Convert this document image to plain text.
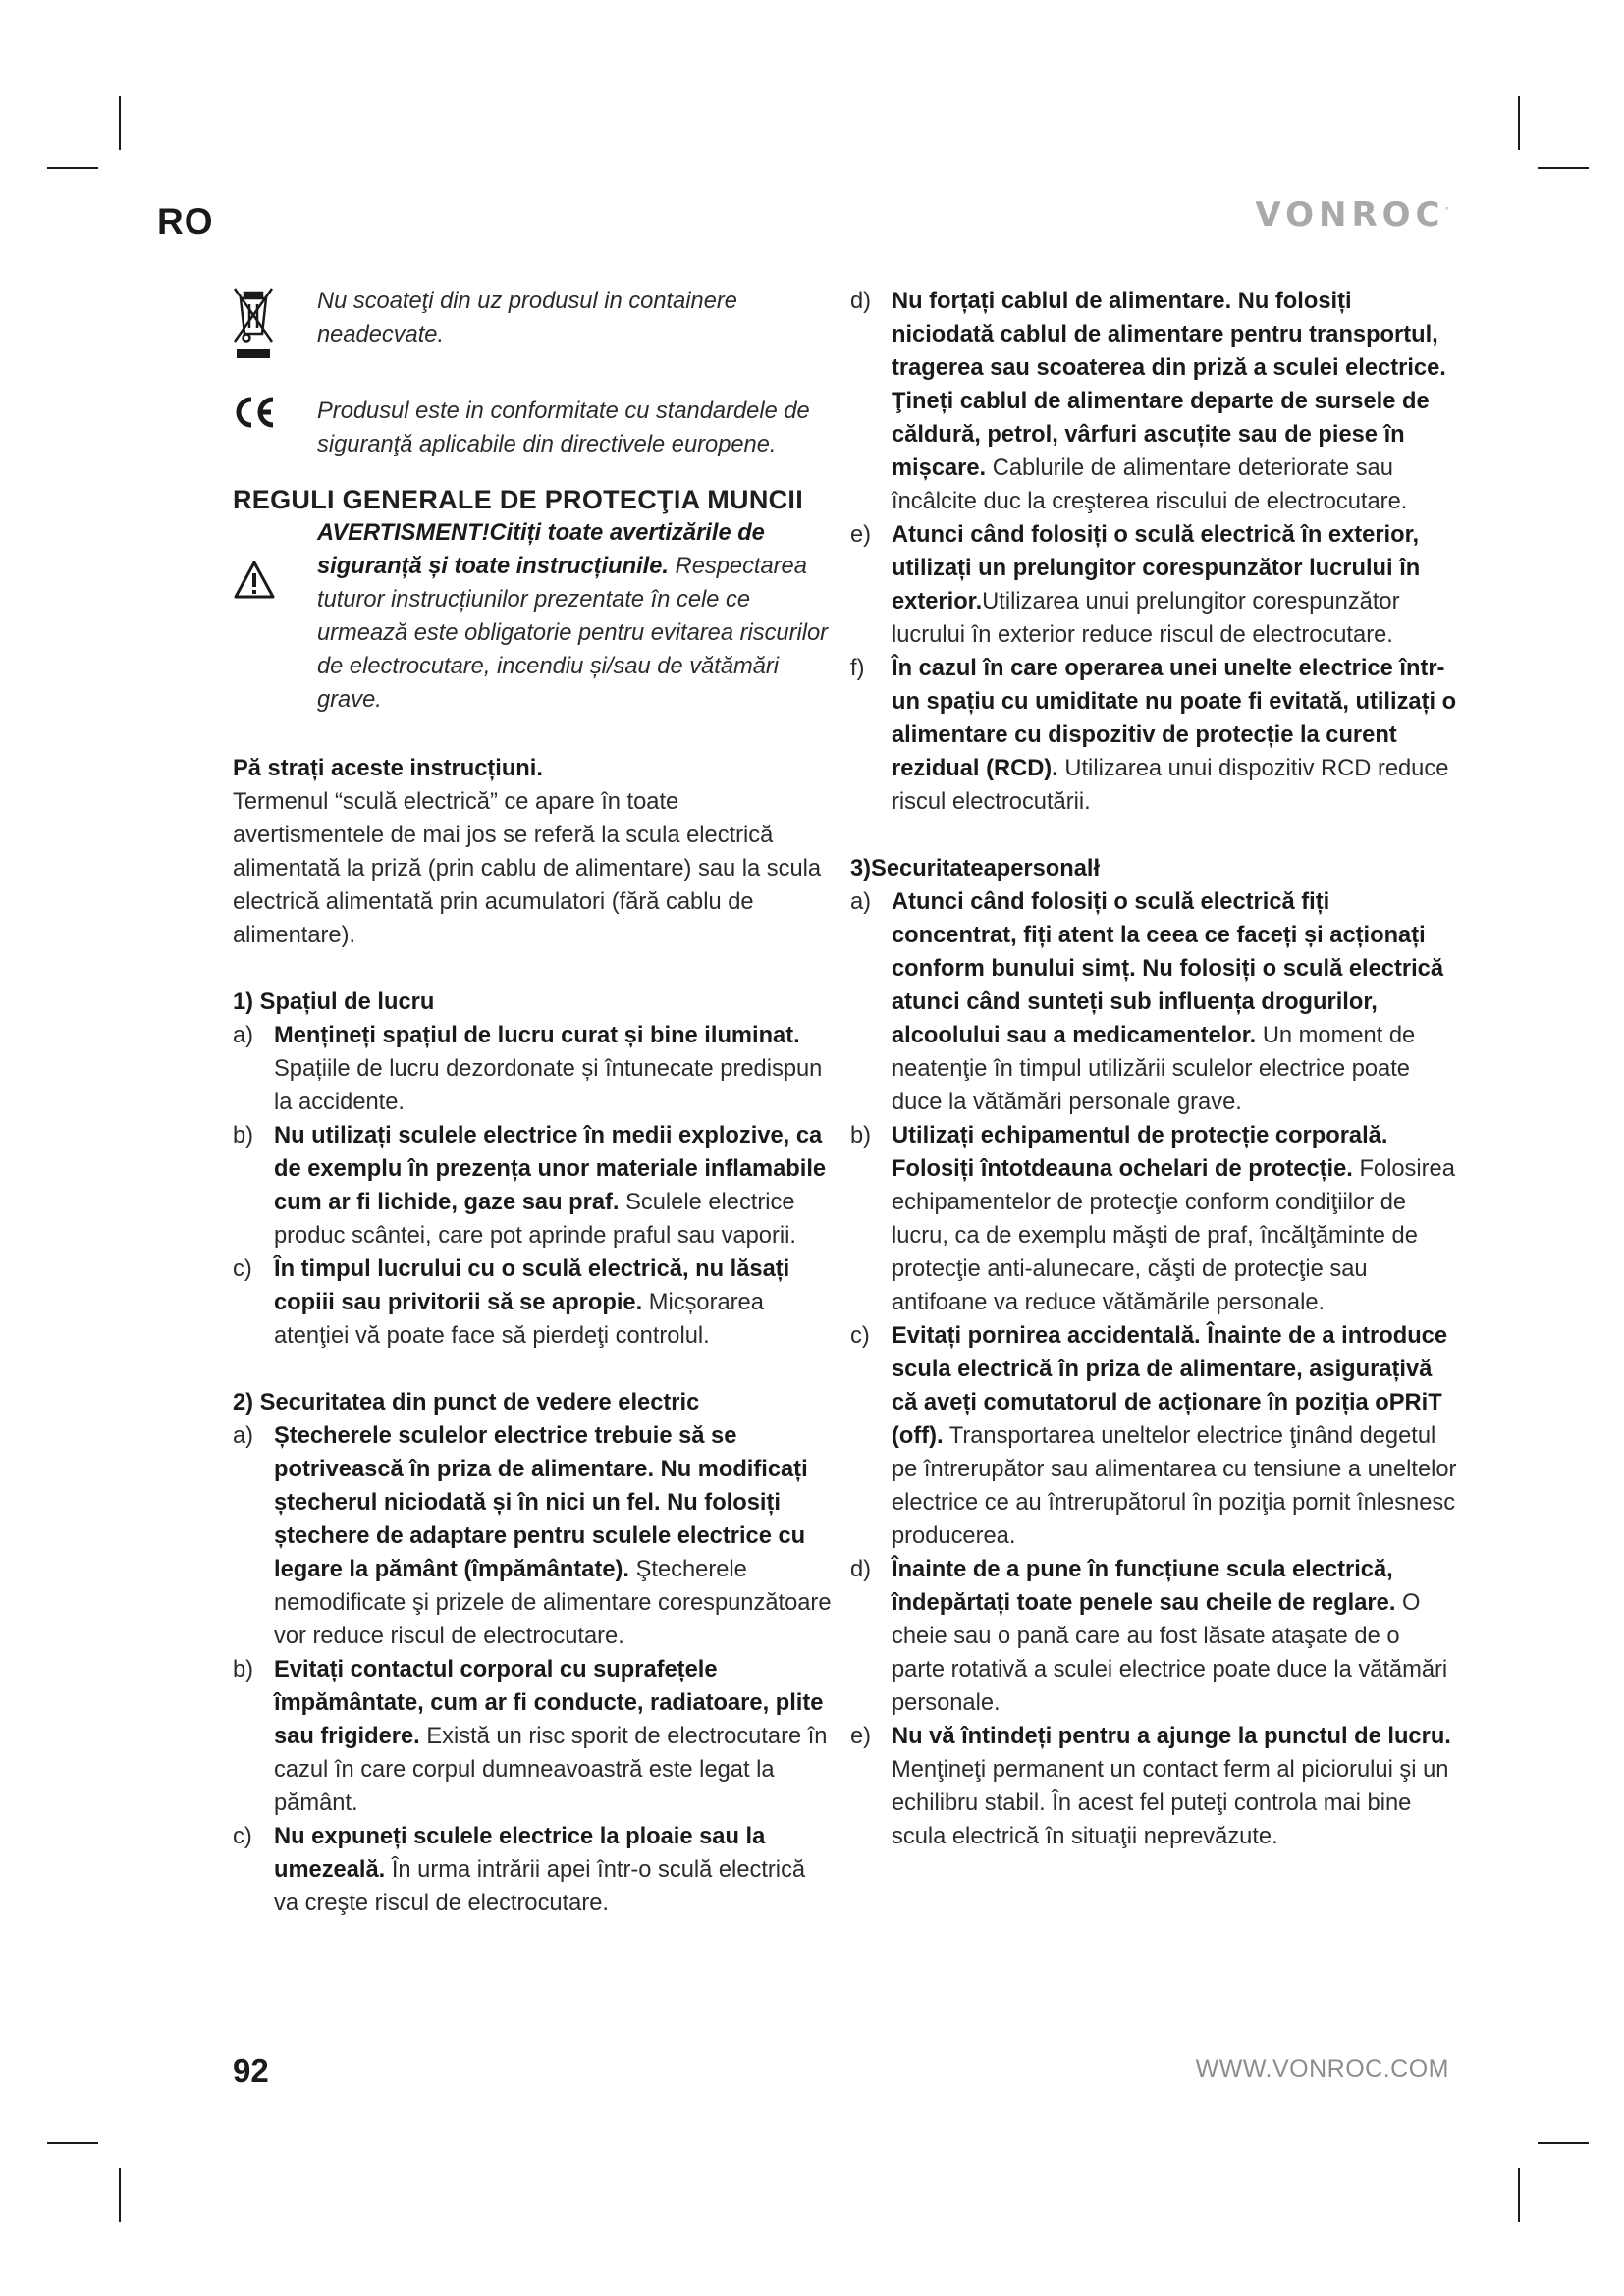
RO	VONROC°
Nu scoateţi din uz produsul in containere neadecvate.
Produsul este in conformitate cu standardele de siguranţă aplicabile din directivele europene.
REGULI GENERALE DE PROTECŢIA MUNCII
AVERTISMENT!Citiți toate avertizările de siguranță și toate instrucțiunile. Respectarea tuturor instrucțiunilor prezentate în cele ce urmează este obligatorie pentru evitarea riscurilor de electrocutare, incendiu și/sau de vătămări grave.
Pă strați aceste instrucțiuni.
Termenul “sculă electrică” ce apare în toate avertismentele de mai jos se referă la scula electrică alimentată la priză (prin cablu de alimentare) sau la scula electrică alimentată prin acumulatori (fără cablu de alimentare).
1) Spațiul de lucru
a) Mențineți spațiul de lucru curat și bine iluminat. Spațiile de lucru dezordonate și întunecate predispun la accidente.
b) Nu utilizați sculele electrice în medii explozive, ca de exemplu în prezența unor materiale inflamabile cum ar fi lichide, gaze sau praf. Sculele electrice produc scântei, care pot aprinde praful sau vaporii.
c) În timpul lucrului cu o sculă electrică, nu lăsați copiii sau privitorii să se apropie. Micșorarea atenţiei vă poate face să pierdeţi controlul.
2) Securitatea din punct de vedere electric
a) Ștecherele sculelor electrice trebuie să se potrivească în priza de alimentare. Nu modificați ștecherul niciodată și în nici un fel. Nu folosiți ștechere de adaptare pentru sculele electrice cu legare la pământ (împământate). Ştecherele nemodificate şi prizele de alimentare corespunzătoare vor reduce riscul de electrocutare.
b) Evitați contactul corporal cu suprafețele împământate, cum ar fi conducte, radiatoare, plite sau frigidere. Există un risc sporit de electrocutare în cazul în care corpul dumneavoastră este legat la pământ.
c) Nu expuneți sculele electrice la ploaie sau la umezeală. În urma intrării apei într-o sculă electrică va creşte riscul de electrocutare.
d) Nu forțați cablul de alimentare. Nu folosiți niciodată cablul de alimentare pentru transportul, tragerea sau scoaterea din priză a sculei electrice. Ţineți cablul de alimentare departe de sursele de căldură, petrol, vârfuri ascuțite sau de piese în mișcare. Cablurile de alimentare deteriorate sau încâlcite duc la creşterea riscului de electrocutare.
e) Atunci când folosiți o sculă electrică în exterior, utilizați un prelungitor corespunzător lucrului în exterior.Utilizarea unui prelungitor corespunzător lucrului în exterior reduce riscul de electrocutare.
f)	În cazul în care operarea unei unelte electrice într-un spațiu cu umiditate nu poate fi evitată, utilizați o alimentare cu dispozitiv de protecție la curent rezidual (RCD). Utilizarea unui dispozitiv RCD reduce riscul electrocutării.
3)Securitateapersonalł
a) Atunci când folosiți o sculă electrică fiți concentrat, fiți atent la ceea ce faceți și acționați conform bunului simț. Nu folosiți o sculă electrică atunci când sunteți sub influența drogurilor, alcoolului sau a medicamentelor. Un moment de neatenţie în timpul utilizării sculelor electrice poate duce la vătămări personale grave.
b) Utilizați echipamentul de protecție corporală. Folosiți întotdeauna ochelari de protecție. Folosirea echipamentelor de protecţie conform condiţiilor de lucru, ca de exemplu măşti de praf, încălţăminte de protecţie anti-alunecare, căşti de protecţie sau antifoane va reduce vătămările personale.
c) Evitați pornirea accidentală. Înainte de a introduce scula electrică în priza de alimentare, asigurațivă că aveți comutatorul de acționare în poziția oPRiT (off). Transportarea uneltelor electrice ţinând degetul pe întrerupător sau alimentarea cu tensiune a uneltelor electrice ce au întrerupătorul în poziţia pornit înlesnesc producerea.
d) Înainte de a pune în funcțiune scula electrică, îndepărtați toate penele sau cheile de reglare. O cheie sau o pană care au fost lăsate ataşate de o parte rotativă a sculei electrice poate duce la vătămări personale.
e) Nu vă întindeți pentru a ajunge la punctul de lucru. Menţineţi permanent un contact ferm al piciorului şi un echilibru stabil. În acest fel puteţi controla mai bine scula electrică în situaţii neprevăzute.
92	WWW.VONROC.COM
